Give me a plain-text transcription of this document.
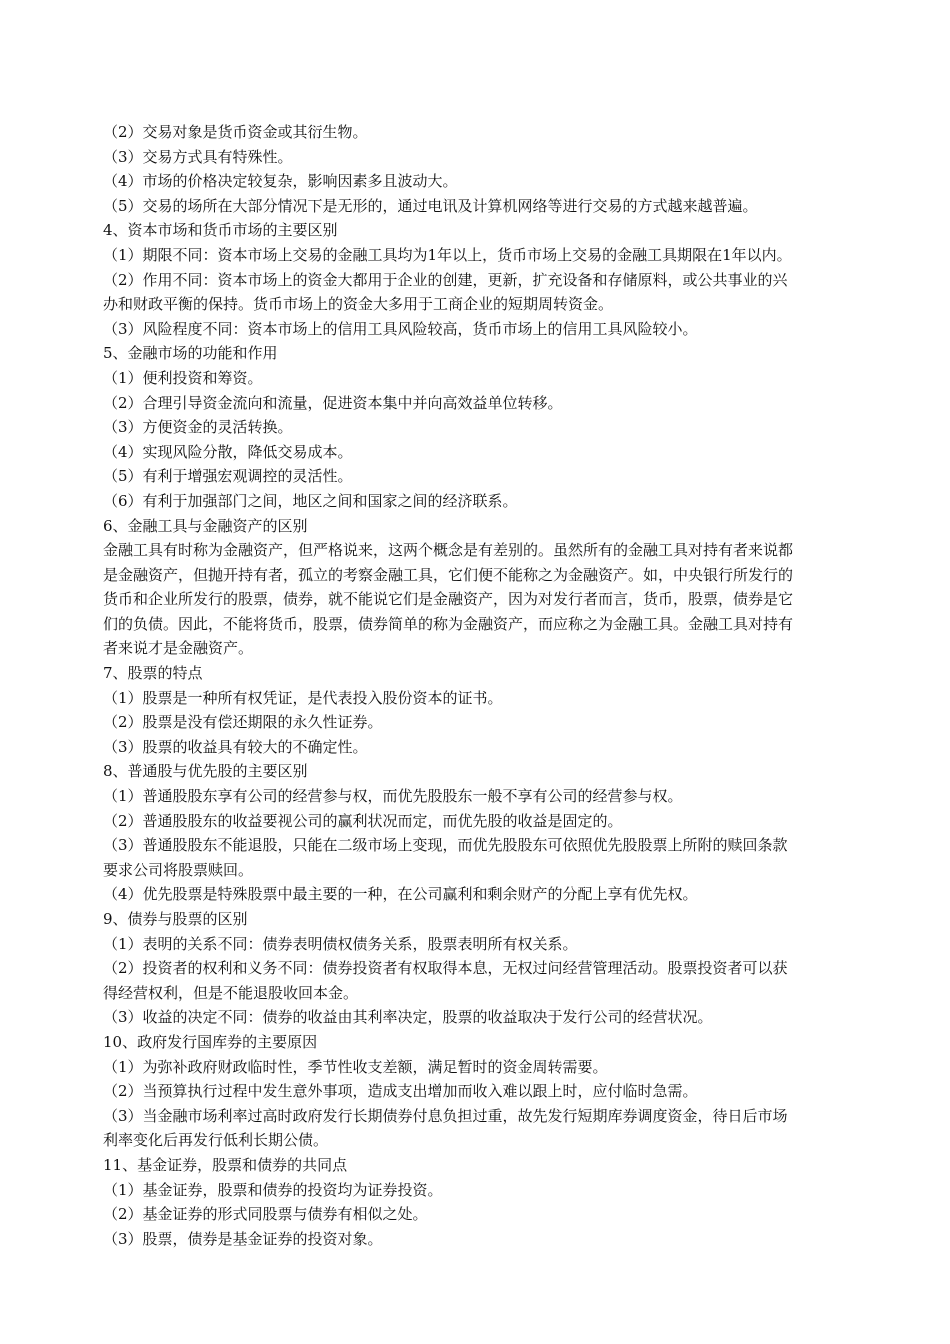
（2）交易对象是货币资金或其衍生物。

（3）交易方式具有特殊性。

（4）市场的价格决定较复杂，影响因素多且波动大。

（5）交易的场所在大部分情况下是无形的，通过电讯及计算机网络等进行交易的方式越来越普遍。

4、资本市场和货币市场的主要区别

（1）期限不同：资本市场上交易的金融工具均为1年以上，货币市场上交易的金融工具期限在1年以内。

（2）作用不同：资本市场上的资金大都用于企业的创建，更新，扩充设备和存储原料，或公共事业的兴

办和财政平衡的保持。货币市场上的资金大多用于工商企业的短期周转资金。

（3）风险程度不同：资本市场上的信用工具风险较高，货币市场上的信用工具风险较小。

5、金融市场的功能和作用

（1）便利投资和筹资。

（2）合理引导资金流向和流量，促进资本集中并向高效益单位转移。

（3）方便资金的灵活转换。

（4）实现风险分散，降低交易成本。

（5）有利于增强宏观调控的灵活性。

（6）有利于加强部门之间，地区之间和国家之间的经济联系。

6、金融工具与金融资产的区别

金融工具有时称为金融资产，但严格说来，这两个概念是有差别的。虽然所有的金融工具对持有者来说都

是金融资产，但抛开持有者，孤立的考察金融工具，它们便不能称之为金融资产。如，中央银行所发行的

货币和企业所发行的股票，债券，就不能说它们是金融资产，因为对发行者而言，货币，股票，债券是它

们的负债。因此，不能将货币，股票，债券简单的称为金融资产，而应称之为金融工具。金融工具对持有

者来说才是金融资产。

7、股票的特点

（1）股票是一种所有权凭证，是代表投入股份资本的证书。

（2）股票是没有偿还期限的永久性证券。

（3）股票的收益具有较大的不确定性。

8、普通股与优先股的主要区别

（1）普通股股东享有公司的经营参与权，而优先股股东一般不享有公司的经营参与权。

（2）普通股股东的收益要视公司的赢利状况而定，而优先股的收益是固定的。

（3）普通股股东不能退股，只能在二级市场上变现，而优先股股东可依照优先股股票上所附的赎回条款

要求公司将股票赎回。

（4）优先股票是特殊股票中最主要的一种，在公司赢利和剩余财产的分配上享有优先权。

9、债券与股票的区别

（1）表明的关系不同：债券表明债权债务关系，股票表明所有权关系。

（2）投资者的权利和义务不同：债券投资者有权取得本息，无权过问经营管理活动。股票投资者可以获

得经营权利，但是不能退股收回本金。

（3）收益的决定不同：债券的收益由其利率决定，股票的收益取决于发行公司的经营状况。

10、政府发行国库券的主要原因

（1）为弥补政府财政临时性，季节性收支差额，满足暂时的资金周转需要。

（2）当预算执行过程中发生意外事项，造成支出增加而收入难以跟上时，应付临时急需。

（3）当金融市场利率过高时政府发行长期债券付息负担过重，故先发行短期库券调度资金，待日后市场

利率变化后再发行低利长期公债。

11、基金证券，股票和债券的共同点

（1）基金证券，股票和债券的投资均为证券投资。

（2）基金证券的形式同股票与债券有相似之处。

（3）股票，债券是基金证券的投资对象。
